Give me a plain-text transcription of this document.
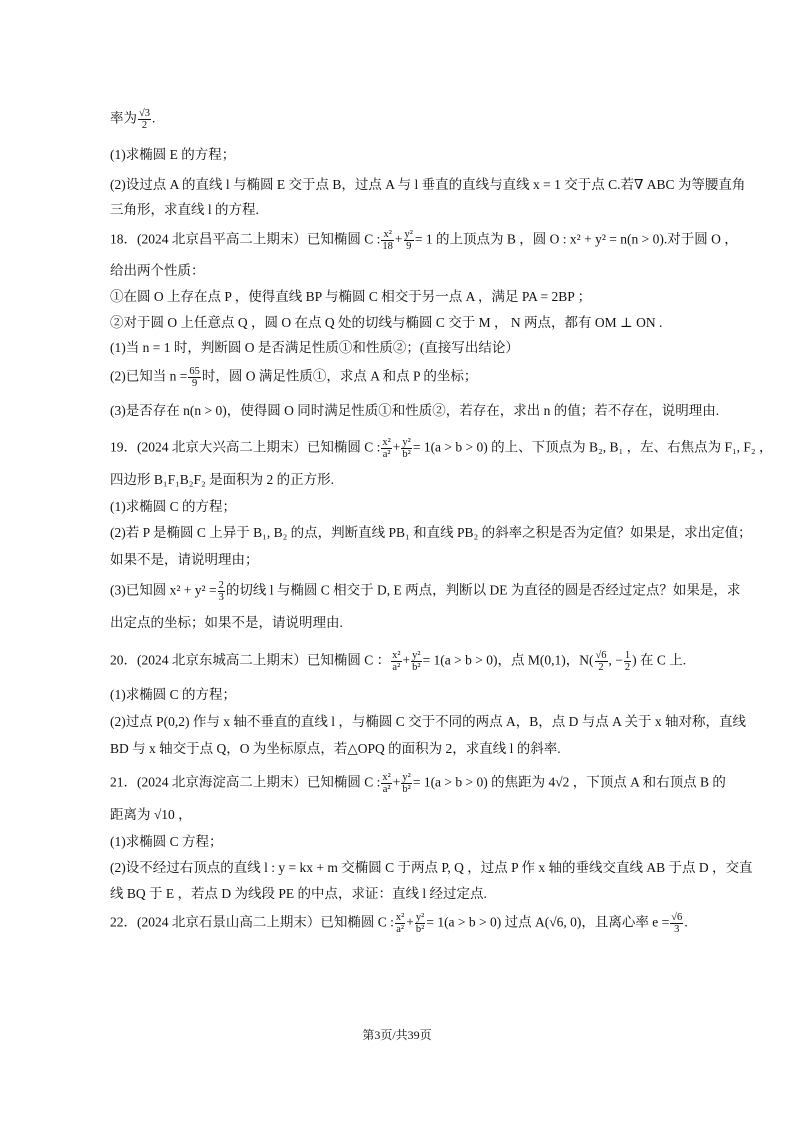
率为 $\frac{√3}{2}$ .
(1)求椭圆 E 的方程；
(2)设过点 A 的直线 l 与椭圆 E 交于点 B，过点 A 与 l 垂直的直线与直线 x = 1 交于点 C.若∇ ABC 为等腰直角
三角形，求直线 l 的方程.
18．(2024 北京昌平高二上期末）已知椭圆 C : $\frac{\text{x²}}{18} + \frac{\text{y²}}{9} = 1$ 的上顶点为 B ，圆 O : x² + y² = n(n > 0).对于圆 O ，
给出两个性质：
①在圆 O 上存在点 P ，使得直线 BP 与椭圆 C 相交于另一点 A ，满足 PA = 2BP ；
②对于圆 O 上任意点 Q ，圆 O 在点 Q 处的切线与椭圆 C 交于 M ， N 两点，都有 OM ⊥ ON .
(1)当 n = 1 时，判断圆 O 是否满足性质①和性质②；(直接写出结论）
(2)已知当 $n = \frac{65}{9}$ 时，圆 O 满足性质①，求点 A 和点 P 的坐标；
(3)是否存在 n(n > 0)，使得圆 O 同时满足性质①和性质②，若存在，求出 n 的值；若不存在，说明理由.
19．(2024 北京大兴高二上期末）已知椭圆 C : $\frac{\text{x²}}{\text{a²}} + \frac{\text{y²}}{\text{b²}} = 1(a > b > 0)$ 的上、下顶点为 B₂, B₁ ，左、右焦点为 F₁, F₂ ，
四边形 B₁F₁B₂F₂ 是面积为 2 的正方形.
(1)求椭圆 C 的方程；
(2)若 P 是椭圆 C 上异于 B₁, B₂ 的点，判断直线 PB₁ 和直线 PB₂ 的斜率之积是否为定值？如果是，求出定值；
如果不是，请说明理由；
(3)已知圆 $x^2 + y^2 = \frac{2}{3}$ 的切线 l 与椭圆 C 相交于 D, E 两点，判断以 DE 为直径的圆是否经过定点？如果是，求
出定点的坐标；如果不是，请说明理由.
20．(2024 北京东城高二上期末）已知椭圆 C ： $\frac{\text{x²}}{\text{a²}} + \frac{\text{y²}}{\text{b²}} = 1(a > b > 0)$，点 M(0,1)，$N( \frac{√6}{2}$ , − $\frac{1}{2}$ ) 在 C 上.
(1)求椭圆 C 的方程；
(2)过点 P(0,2) 作与 x 轴不垂直的直线 l ，与椭圆 C 交于不同的两点 A，B，点 D 与点 A 关于 x 轴对称，直线
BD 与 x 轴交于点 Q，O 为坐标原点，若△OPQ 的面积为 2，求直线 l 的斜率.
21．(2024 北京海淀高二上期末）已知椭圆 C : $\frac{\text{x²}}{\text{a²}} + \frac{\text{y²}}{\text{b²}} = 1(a > b > 0)$ 的焦距为 4√2 ，下顶点 A 和右顶点 B 的
距离为 √10 ，
(1)求椭圆 C 方程；
(2)设不经过右顶点的直线 l : y = kx + m 交椭圆 C 于两点 P, Q ，过点 P 作 x 轴的垂线交直线 AB 于点 D ，交直
线 BQ 于 E ，若点 D 为线段 PE 的中点，求证：直线 l 经过定点.
22．(2024 北京石景山高二上期末）已知椭圆 C : $\frac{\text{x²}}{\text{a²}} + \frac{\text{y²}}{\text{b²}} = 1(a > b > 0)$ 过点 A(√6, 0)，且离心率 $e = \frac{√6}{3}$ .
第3页/共39页
